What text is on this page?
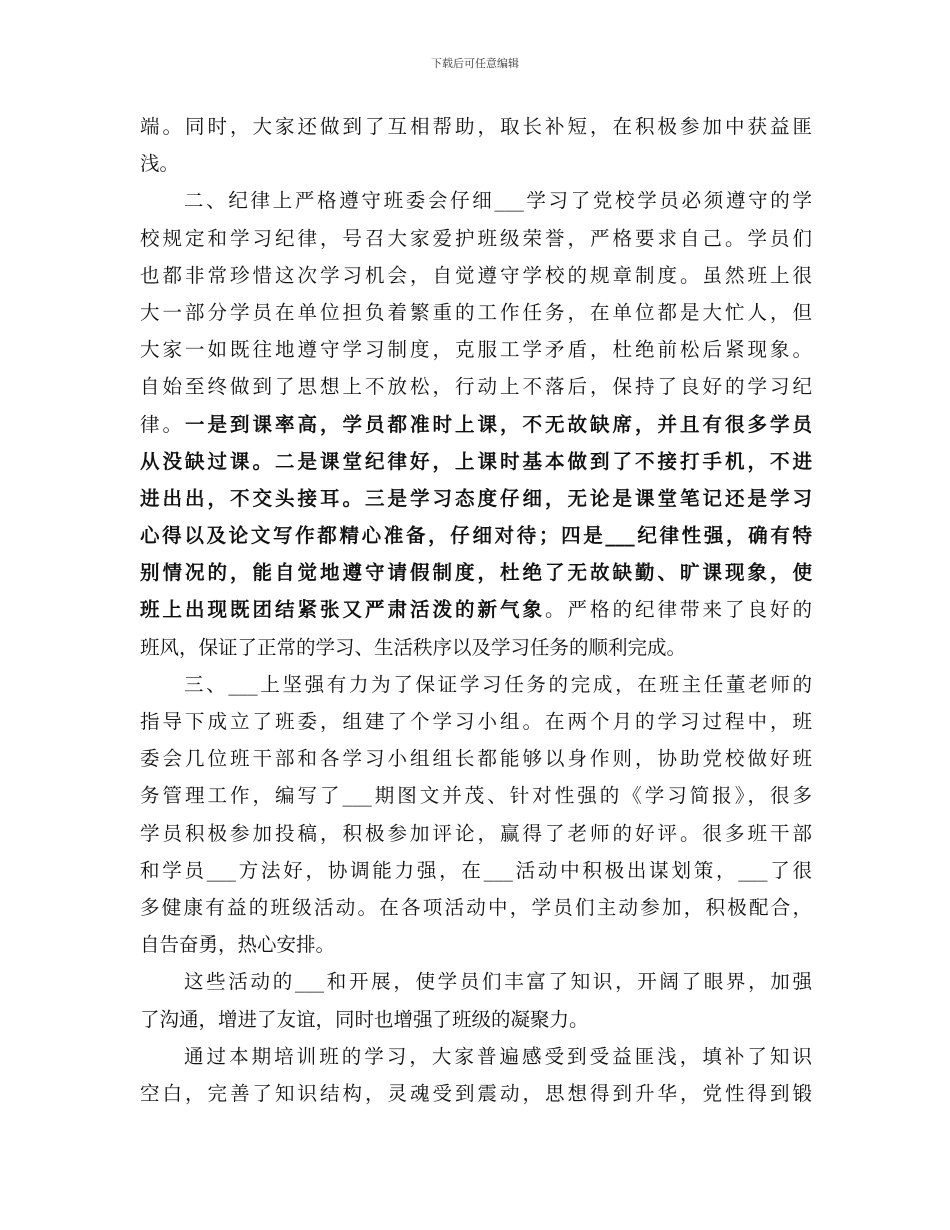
下载后可任意编辑
端。同时，大家还做到了互相帮助，取长补短，在积极参加中获益匪
浅。
二、纪律上严格遵守班委会仔细___学习了党校学员必须遵守的学
校规定和学习纪律，号召大家爱护班级荣誉，严格要求自己。学员们
也都非常珍惜这次学习机会，自觉遵守学校的规章制度。虽然班上很
大一部分学员在单位担负着繁重的工作任务，在单位都是大忙人，但
大家一如既往地遵守学习制度，克服工学矛盾，杜绝前松后紧现象。
自始至终做到了思想上不放松，行动上不落后，保持了良好的学习纪
律。一是到课率高，学员都准时上课，不无故缺席，并且有很多学员
从没缺过课。二是课堂纪律好，上课时基本做到了不接打手机，不进
进出出，不交头接耳。三是学习态度仔细，无论是课堂笔记还是学习
心得以及论文写作都精心准备，仔细对待；四是___纪律性强，确有特
别情况的，能自觉地遵守请假制度，杜绝了无故缺勤、旷课现象，使
班上出现既团结紧张又严肃活泼的新气象。严格的纪律带来了良好的
班风，保证了正常的学习、生活秩序以及学习任务的顺利完成。
三、___上坚强有力为了保证学习任务的完成，在班主任董老师的
指导下成立了班委，组建了个学习小组。在两个月的学习过程中，班
委会几位班干部和各学习小组组长都能够以身作则，协助党校做好班
务管理工作，编写了___期图文并茂、针对性强的《学习简报》，很多
学员积极参加投稿，积极参加评论，赢得了老师的好评。很多班干部
和学员___方法好，协调能力强，在___活动中积极出谋划策，___了很
多健康有益的班级活动。在各项活动中，学员们主动参加，积极配合，
自告奋勇，热心安排。
这些活动的___和开展，使学员们丰富了知识，开阔了眼界，加强
了沟通，增进了友谊，同时也增强了班级的凝聚力。
通过本期培训班的学习，大家普遍感受到受益匪浅，填补了知识
空白，完善了知识结构，灵魂受到震动，思想得到升华，党性得到锻
